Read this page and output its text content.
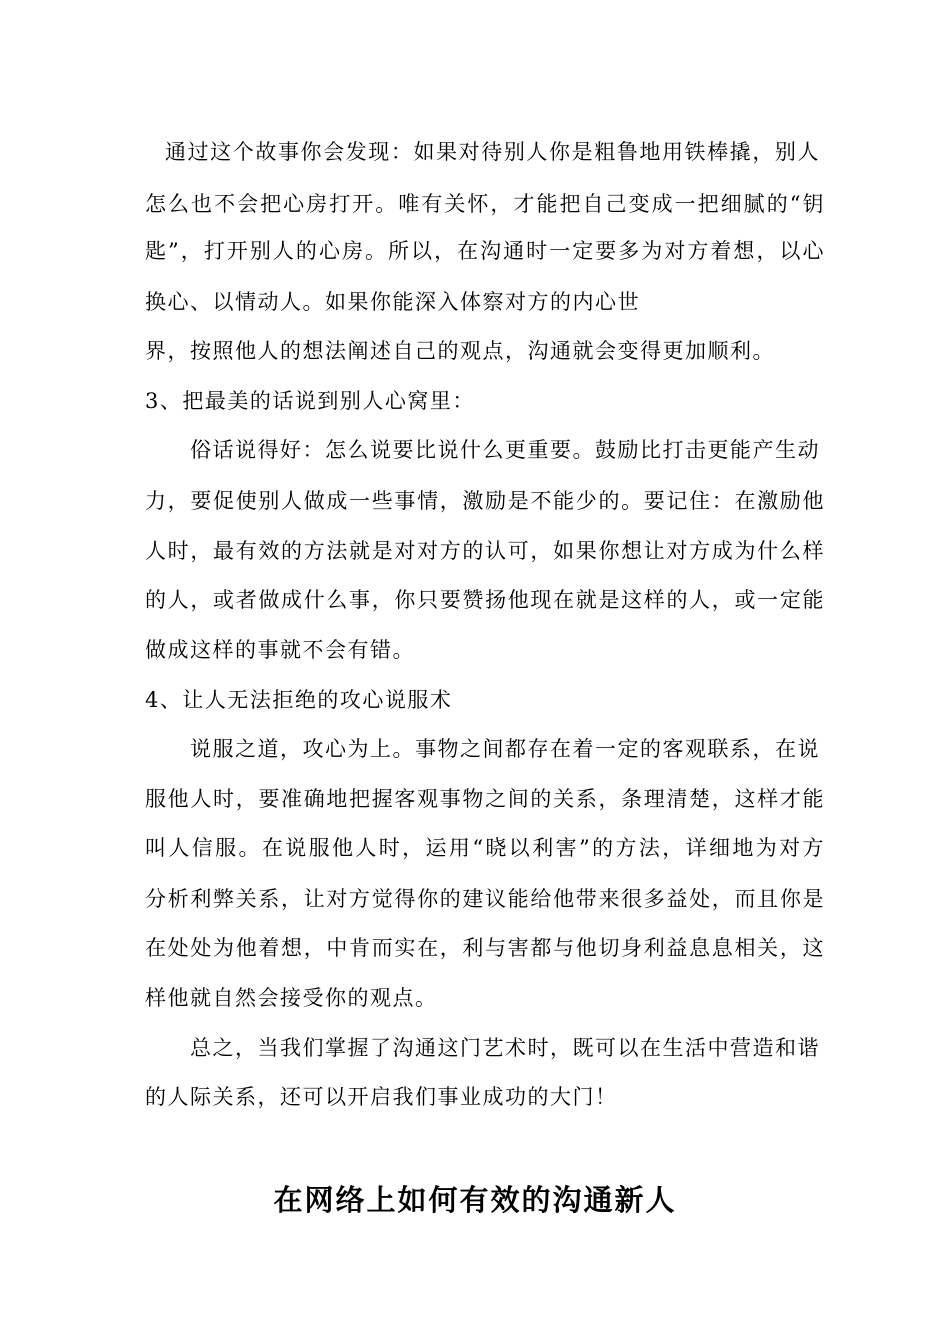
通过这个故事你会发现：如果对待别人你是粗鲁地用铁棒撬，别人
怎么也不会把心房打开。唯有关怀，才能把自己变成一把细腻的“钥
匙”，打开别人的心房。所以，在沟通时一定要多为对方着想，以心
换心、以情动人。如果你能深入体察对方的内心世
界，按照他人的想法阐述自己的观点，沟通就会变得更加顺利。
3、把最美的话说到别人心窝里：
俗话说得好：怎么说要比说什么更重要。鼓励比打击更能产生动
力，要促使别人做成一些事情，激励是不能少的。要记住：在激励他
人时，最有效的方法就是对对方的认可，如果你想让对方成为什么样
的人，或者做成什么事，你只要赞扬他现在就是这样的人，或一定能
做成这样的事就不会有错。
4、让人无法拒绝的攻心说服术
说服之道，攻心为上。事物之间都存在着一定的客观联系，在说
服他人时，要准确地把握客观事物之间的关系，条理清楚，这样才能
叫人信服。在说服他人时，运用“晓以利害”的方法，详细地为对方
分析利弊关系，让对方觉得你的建议能给他带来很多益处，而且你是
在处处为他着想，中肯而实在，利与害都与他切身利益息息相关，这
样他就自然会接受你的观点。
总之，当我们掌握了沟通这门艺术时，既可以在生活中营造和谐
的人际关系，还可以开启我们事业成功的大门！
在网络上如何有效的沟通新人
